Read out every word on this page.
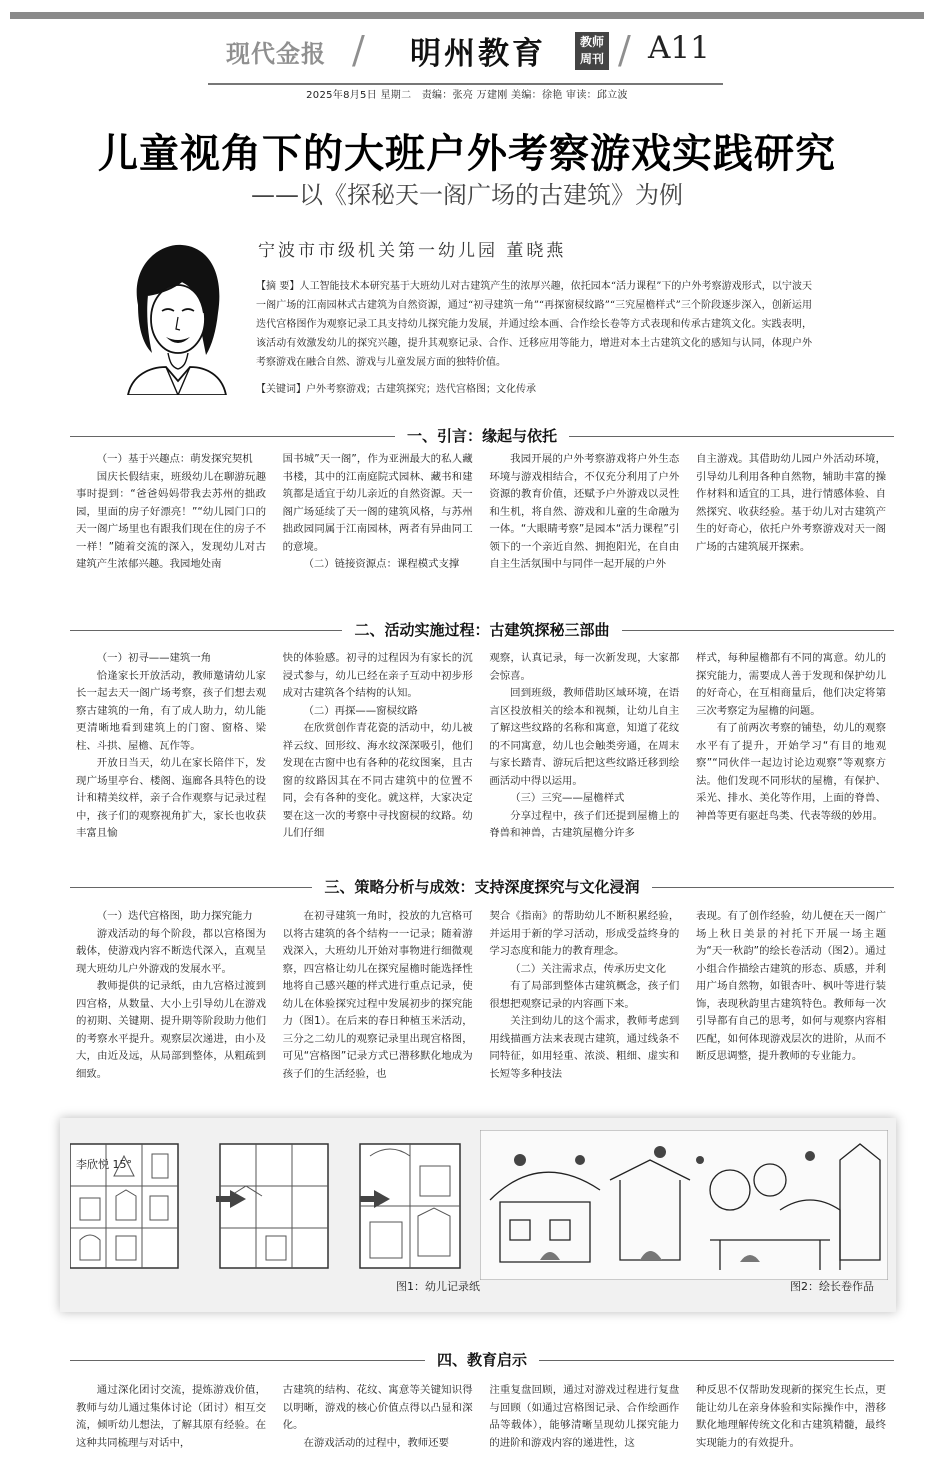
现代金报 / 明州教育	教师
周刊 / A11
2025年8月5日 星期二　责编：张亮 万建刚 美编：徐艳 审读：邱立波
儿童视角下的大班户外考察游戏实践研究
——以《探秘天一阁广场的古建筑》为例
宁波市市级机关第一幼儿园 董晓燕
【摘 要】人工智能技术本研究基于大班幼儿对古建筑产生的浓厚兴趣，依托园本“活力课程”下的户外考察游戏形式，以宁波天一阁广场的江南园林式古建筑为自然资源，通过“初寻建筑一角”“再探窗棂纹路”“三究屋檐样式”三个阶段逐步深入，创新运用迭代宫格图作为观察记录工具支持幼儿探究能力发展，并通过绘本画、合作绘长卷等方式表现和传承古建筑文化。实践表明，该活动有效激发幼儿的探究兴趣，提升其观察记录、合作、迁移应用等能力，增进对本土古建筑文化的感知与认同，体现户外考察游戏在融合自然、游戏与儿童发展方面的独特价值。
【关键词】户外考察游戏；古建筑探究；迭代宫格图；文化传承
一、引言：缘起与依托

（一）基于兴趣点：萌发探究契机

国庆长假结束，班级幼儿在聊游玩趣事时提到：“爸爸妈妈带我去苏州的拙政园，里面的房子好漂亮！”“幼儿园门口的天一阁广场里也有跟我们现在住的房子不一样！”随着交流的深入，发现幼儿对古建筑产生浓郁兴趣。我园地处南

国书城”天一阁”，作为亚洲最大的私人藏书楼，其中的江南庭院式园林、藏书和建筑都是适宜于幼儿亲近的自然资源。天一阁广场延续了天一阁的建筑风格，与苏州拙政园同属于江南园林，两者有异曲同工的意境。

（二）链接资源点：课程模式支撑

我园开展的户外考察游戏将户外生态环境与游戏相结合，不仅充分利用了户外资源的教育价值，还赋予户外游戏以灵性和生机，将自然、游戏和儿童的生命融为一体。“大眼睛考察”是园本“活力课程”引领下的一个亲近自然、拥抱阳光，在自由自主生活氛围中与同伴一起开展的户外

自主游戏。其借助幼儿园户外活动环境，引导幼儿利用各种自然物，辅助丰富的操作材料和适宜的工具，进行情感体验、自然探究、收获经验。基于幼儿对古建筑产生的好奇心，依托户外考察游戏对天一阁广场的古建筑展开探索。

二、活动实施过程：古建筑探秘三部曲

（一）初寻——建筑一角

恰逢家长开放活动，教师邀请幼儿家长一起去天一阁广场考察，孩子们想去观察古建筑的一角，有了成人助力，幼儿能更清晰地看到建筑上的门窗、窗格、梁柱、斗拱、屋檐、瓦作等。

开放日当天，幼儿在家长陪伴下，发现广场里亭台、楼阁、迤廊各具特色的设计和精美纹样，亲子合作观察与记录过程中，孩子们的观察视角扩大，家长也收获丰富且愉

快的体验感。初寻的过程因为有家长的沉浸式参与，幼儿已经在亲子互动中初步形成对古建筑各个结构的认知。

（二）再探——窗棂纹路

在欣赏创作青花瓷的活动中，幼儿被祥云纹、回形纹、海水纹深深吸引，他们发现在古窗中也有各种的花纹图案，且古窗的纹路因其在不同古建筑中的位置不同，会有各种的变化。就这样，大家决定要在这一次的考察中寻找窗棂的纹路。幼儿们仔细

观察，认真记录，每一次新发现，大家都会惊喜。

回到班级，教师借助区域环境，在语言区投放相关的绘本和视频，让幼儿自主了解这些纹路的名称和寓意，知道了花纹的不同寓意，幼儿也会触类旁通，在周末与家长踏青、游玩后把这些纹路迁移到绘画活动中得以运用。

（三）三究——屋檐样式

分享过程中，孩子们还提到屋檐上的脊兽和神兽，古建筑屋檐分许多

样式，每种屋檐都有不同的寓意。幼儿的探究能力，需要成人善于发现和保护幼儿的好奇心，在互相商量后，他们决定将第三次考察定为屋檐的问题。

有了前两次考察的铺垫，幼儿的观察水平有了提升，开始学习“有目的地观察”“同伙伴一起边讨论边观察”等观察方法。他们发现不同形状的屋檐，有保护、采光、排水、美化等作用，上面的脊兽、神兽等更有驱赶鸟类、代表等级的妙用。

三、策略分析与成效：支持深度探究与文化浸润

（一）迭代宫格图，助力探究能力

游戏活动的每个阶段，都以宫格图为载体，使游戏内容不断迭代深入，直观呈现大班幼儿户外游戏的发展水平。

教师提供的记录纸，由九宫格过渡到四宫格，从数量、大小上引导幼儿在游戏的初期、关键期、提升期等阶段助力他们的考察水平提升。观察层次递进，由小及大，由近及远，从局部到整体，从粗疏到细致。

在初寻建筑一角时，投放的九宫格可以将古建筑的各个结构一一记录；随着游戏深入，大班幼儿开始对事物进行细微观察，四宫格让幼儿在探究屋檐时能选择性地将自己感兴趣的样式进行重点记录，使幼儿在体验探究过程中发展初步的探究能力（图1）。在后来的春日种植玉米活动，三分之二幼儿的观察记录里出现宫格图，可见“宫格图”记录方式已潜移默化地成为孩子们的生活经验，也

契合《指南》的帮助幼儿不断积累经验，并运用于新的学习活动，形成受益终身的学习态度和能力的教育理念。

（二）关注需求点，传承历史文化

有了局部到整体古建筑概念，孩子们很想把观察记录的内容画下来。

关注到幼儿的这个需求，教师考虑到用线描画方法来表现古建筑，通过线条不同特征，如用轻重、浓淡、粗细、虚实和长短等多种技法

表现。有了创作经验，幼儿便在天一阁广场上秋日美景的衬托下开展一场主题为“天一秋韵”的绘长卷活动（图2）。通过小组合作描绘古建筑的形态、质感，并利用广场自然物，如银杏叶、枫叶等进行装饰，表现秋韵里古建筑特色。教师每一次引导都有自己的思考，如何与观察内容相匹配，如何体现游戏层次的进阶，从而不断反思调整，提升教师的专业能力。

李欣悦 15°
图1：幼儿记录纸	图2：绘长卷作品
四、教育启示

通过深化团讨交流，提炼游戏价值，教师与幼儿通过集体讨论（团讨）相互交流，倾听幼儿想法，了解其原有经验。在这种共同梳理与对话中，

古建筑的结构、花纹、寓意等关键知识得以明晰，游戏的核心价值点得以凸显和深化。

在游戏活动的过程中，教师还要

注重复盘回顾，通过对游戏过程进行复盘与回顾（如通过宫格图记录、合作绘画作品等载体），能够清晰呈现幼儿探究能力的进阶和游戏内容的递进性，这

种反思不仅帮助发现新的探究生长点，更能让幼儿在亲身体验和实际操作中，潜移默化地理解传统文化和古建筑精髓，最终实现能力的有效提升。
